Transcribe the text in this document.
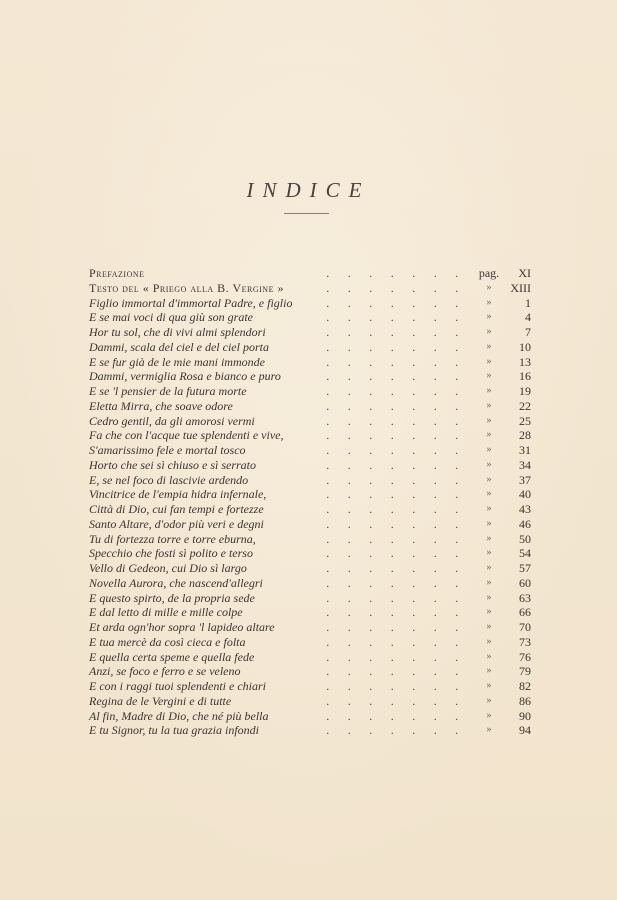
INDICE
Prefazione	. . . . . . .	pag.	XI
Testo del « Priego alla B. Vergine »	. . . . . . .	»	XIII
Figlio immortal d'immortal Padre, e figlio	. . . . . . .	»	1
E se mai voci di qua giù son grate	. . . . . . .	»	4
Hor tu sol, che di vivi almi splendori	. . . . . . .	»	7
Dammi, scala del ciel e del ciel porta	. . . . . . .	»	10
E se fur già de le mie mani immonde	. . . . . . .	»	13
Dammi, vermiglia Rosa e bianco e puro	. . . . . . .	»	16
E se 'l pensier de la futura morte	. . . . . . .	»	19
Eletta Mirra, che soave odore	. . . . . . .	»	22
Cedro gentil, da gli amorosi vermi	. . . . . . .	»	25
Fa che con l'acque tue splendenti e vive,	. . . . . . .	»	28
S'amarissimo fele e mortal tosco	. . . . . . .	»	31
Horto che sei sì chiuso e sì serrato	. . . . . . .	»	34
E, se nel foco di lascivie ardendo	. . . . . . .	»	37
Vincitrice de l'empia hidra infernale,	. . . . . . .	»	40
Città di Dio, cui fan tempi e fortezze	. . . . . . .	»	43
Santo Altare, d'odor più veri e degni	. . . . . . .	»	46
Tu di fortezza torre e torre eburna,	. . . . . . .	»	50
Specchio che fosti sì polito e terso	. . . . . . .	»	54
Vello di Gedeon, cui Dio sì largo	. . . . . . .	»	57
Novella Aurora, che nascend'allegri	. . . . . . .	»	60
E questo spirto, de la propria sede	. . . . . . .	»	63
E dal letto di mille e mille colpe	. . . . . . .	»	66
Et arda ogn'hor sopra 'l lapideo altare	. . . . . . .	»	70
E tua mercè da così cieca e folta	. . . . . . .	»	73
E quella certa speme e quella fede	. . . . . . .	»	76
Anzi, se foco e ferro e se veleno	. . . . . . .	»	79
E con i raggi tuoi splendenti e chiari	. . . . . . .	»	82
Regina de le Vergini e di tutte	. . . . . . .	»	86
Al fin, Madre di Dio, che né più bella	. . . . . . .	»	90
E tu Signor, tu la tua grazia infondi	. . . . . . .	»	94
